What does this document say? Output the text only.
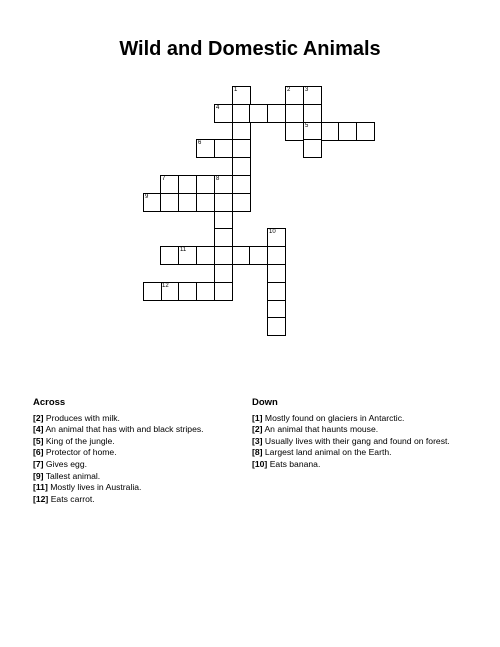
Wild and Domestic Animals
1	2 3
4
5
6
7	8
9
10
11
12
Across
[2] Produces with milk.
[4] An animal that has with and black stripes.
[5] King of the jungle.
[6] Protector of home.
[7] Gives egg.
[9] Tallest animal.
[11] Mostly lives in Australia.
[12] Eats carrot.
Down
[1] Mostly found on glaciers in Antarctic.
[2] An animal that haunts mouse.
[3] Usually lives with their gang and found on forest.
[8] Largest land animal on the Earth.
[10] Eats banana.
